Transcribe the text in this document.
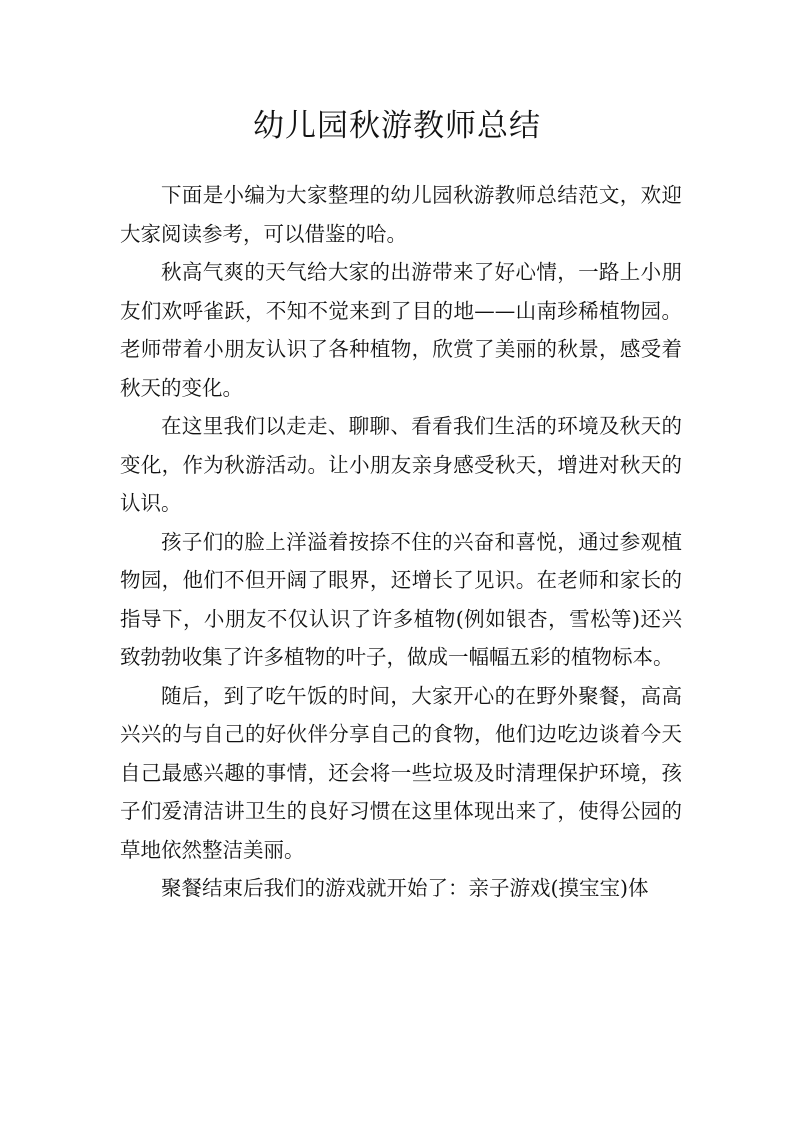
幼儿园秋游教师总结

下面是小编为大家整理的幼儿园秋游教师总结范文，欢迎大家阅读参考，可以借鉴的哈。

秋高气爽的天气给大家的出游带来了好心情，一路上小朋友们欢呼雀跃，不知不觉来到了目的地——山南珍稀植物园。老师带着小朋友认识了各种植物，欣赏了美丽的秋景，感受着秋天的变化。

在这里我们以走走、聊聊、看看我们生活的环境及秋天的变化，作为秋游活动。让小朋友亲身感受秋天，增进对秋天的认识。

孩子们的脸上洋溢着按捺不住的兴奋和喜悦，通过参观植物园，他们不但开阔了眼界，还增长了见识。在老师和家长的指导下，小朋友不仅认识了许多植物(例如银杏，雪松等)还兴致勃勃收集了许多植物的叶子，做成一幅幅五彩的植物标本。

随后，到了吃午饭的时间，大家开心的在野外聚餐，高高兴兴的与自己的好伙伴分享自己的食物，他们边吃边谈着今天自己最感兴趣的事情，还会将一些垃圾及时清理保护环境，孩子们爱清洁讲卫生的良好习惯在这里体现出来了，使得公园的草地依然整洁美丽。

聚餐结束后我们的游戏就开始了：亲子游戏(摸宝宝)体
